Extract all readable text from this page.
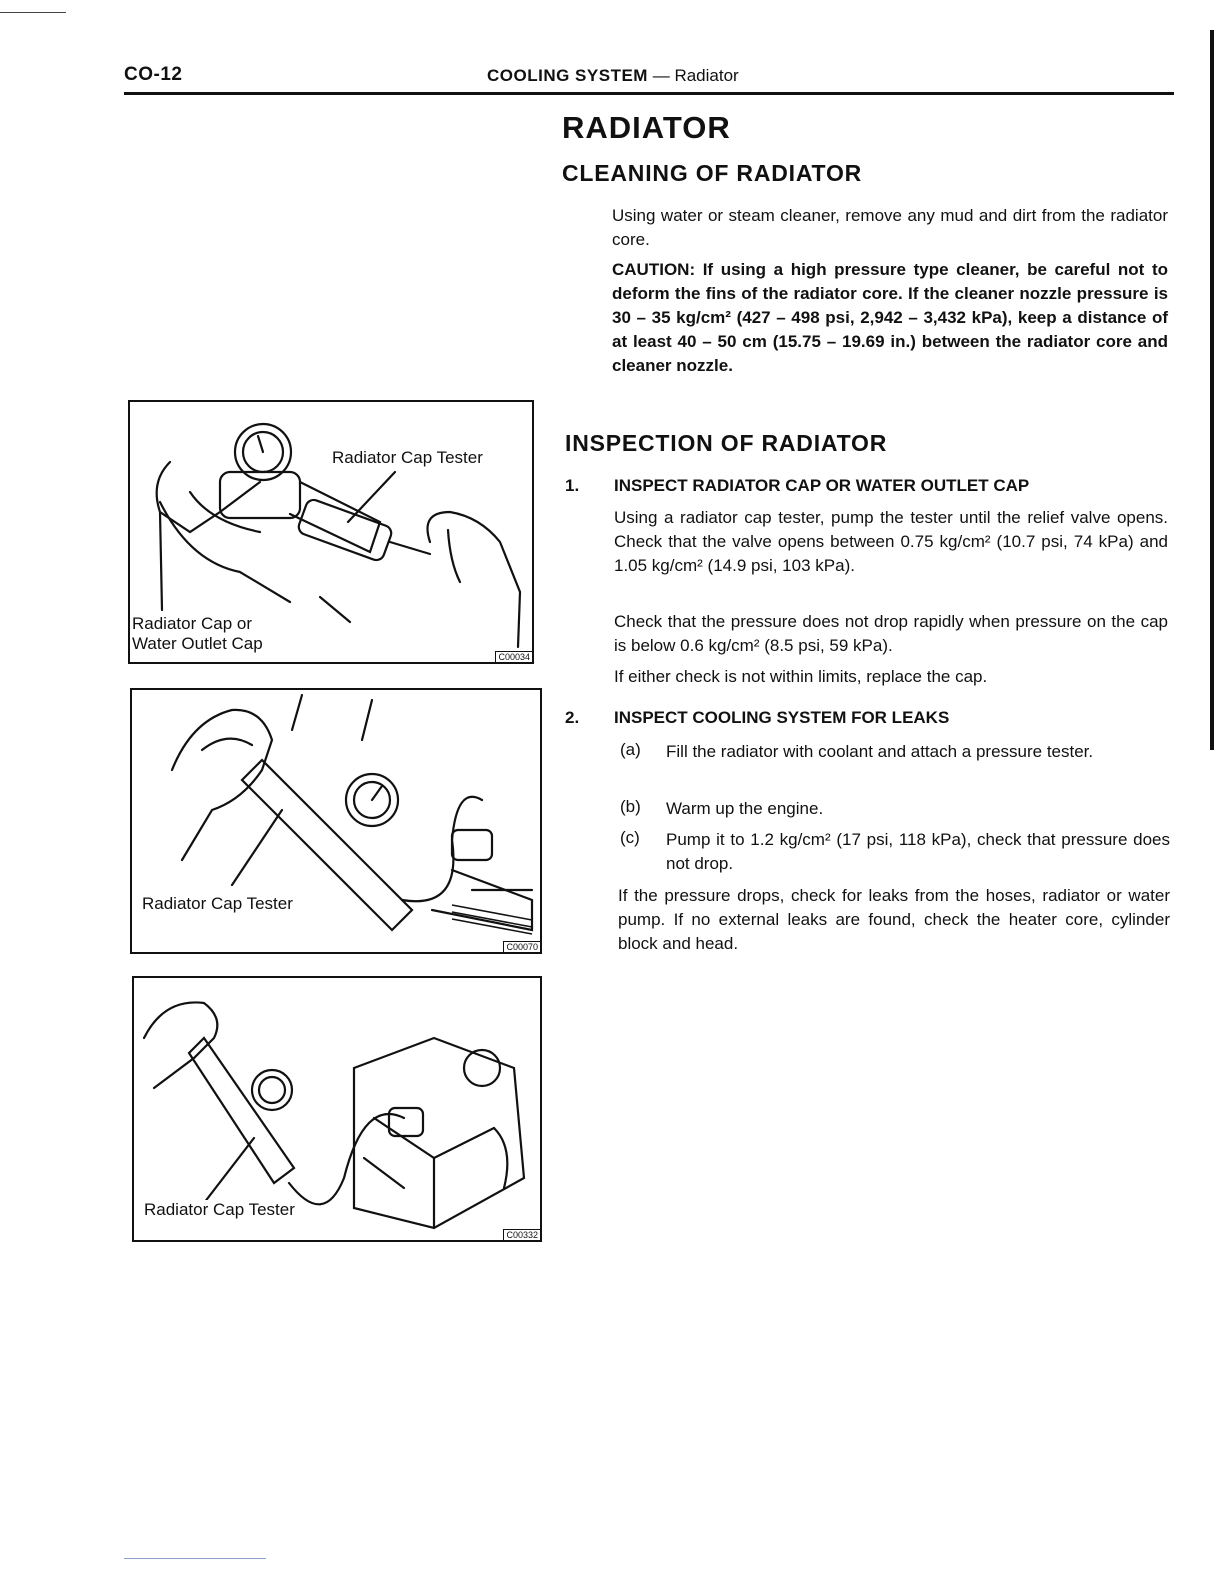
CO-12	COOLING SYSTEM — Radiator
RADIATOR
CLEANING OF RADIATOR
Using water or steam cleaner, remove any mud and dirt from the radiator core.
CAUTION: If using a high pressure type cleaner, be careful not to deform the fins of the radiator core. If the cleaner nozzle pressure is 30 – 35 kg/cm² (427 – 498 psi, 2,942 – 3,432 kPa), keep a distance of at least 40 – 50 cm (15.75 – 19.69 in.) between the radiator core and cleaner nozzle.
INSPECTION OF RADIATOR
1. INSPECT RADIATOR CAP OR WATER OUTLET CAP
Using a radiator cap tester, pump the tester until the relief valve opens. Check that the valve opens between 0.75 kg/cm² (10.7 psi, 74 kPa) and 1.05 kg/cm² (14.9 psi, 103 kPa).
Check that the pressure does not drop rapidly when pressure on the cap is below 0.6 kg/cm² (8.5 psi, 59 kPa).
If either check is not within limits, replace the cap.
2. INSPECT COOLING SYSTEM FOR LEAKS
(a) Fill the radiator with coolant and attach a pressure tester.
(b) Warm up the engine.
(c) Pump it to 1.2 kg/cm² (17 psi, 118 kPa), check that pressure does not drop.
If the pressure drops, check for leaks from the hoses, radiator or water pump. If no external leaks are found, check the heater core, cylinder block and head.
Radiator Cap Tester
Radiator Cap or
Water Outlet Cap
C00034
Radiator Cap Tester
C00070
Radiator Cap Tester
C00332
